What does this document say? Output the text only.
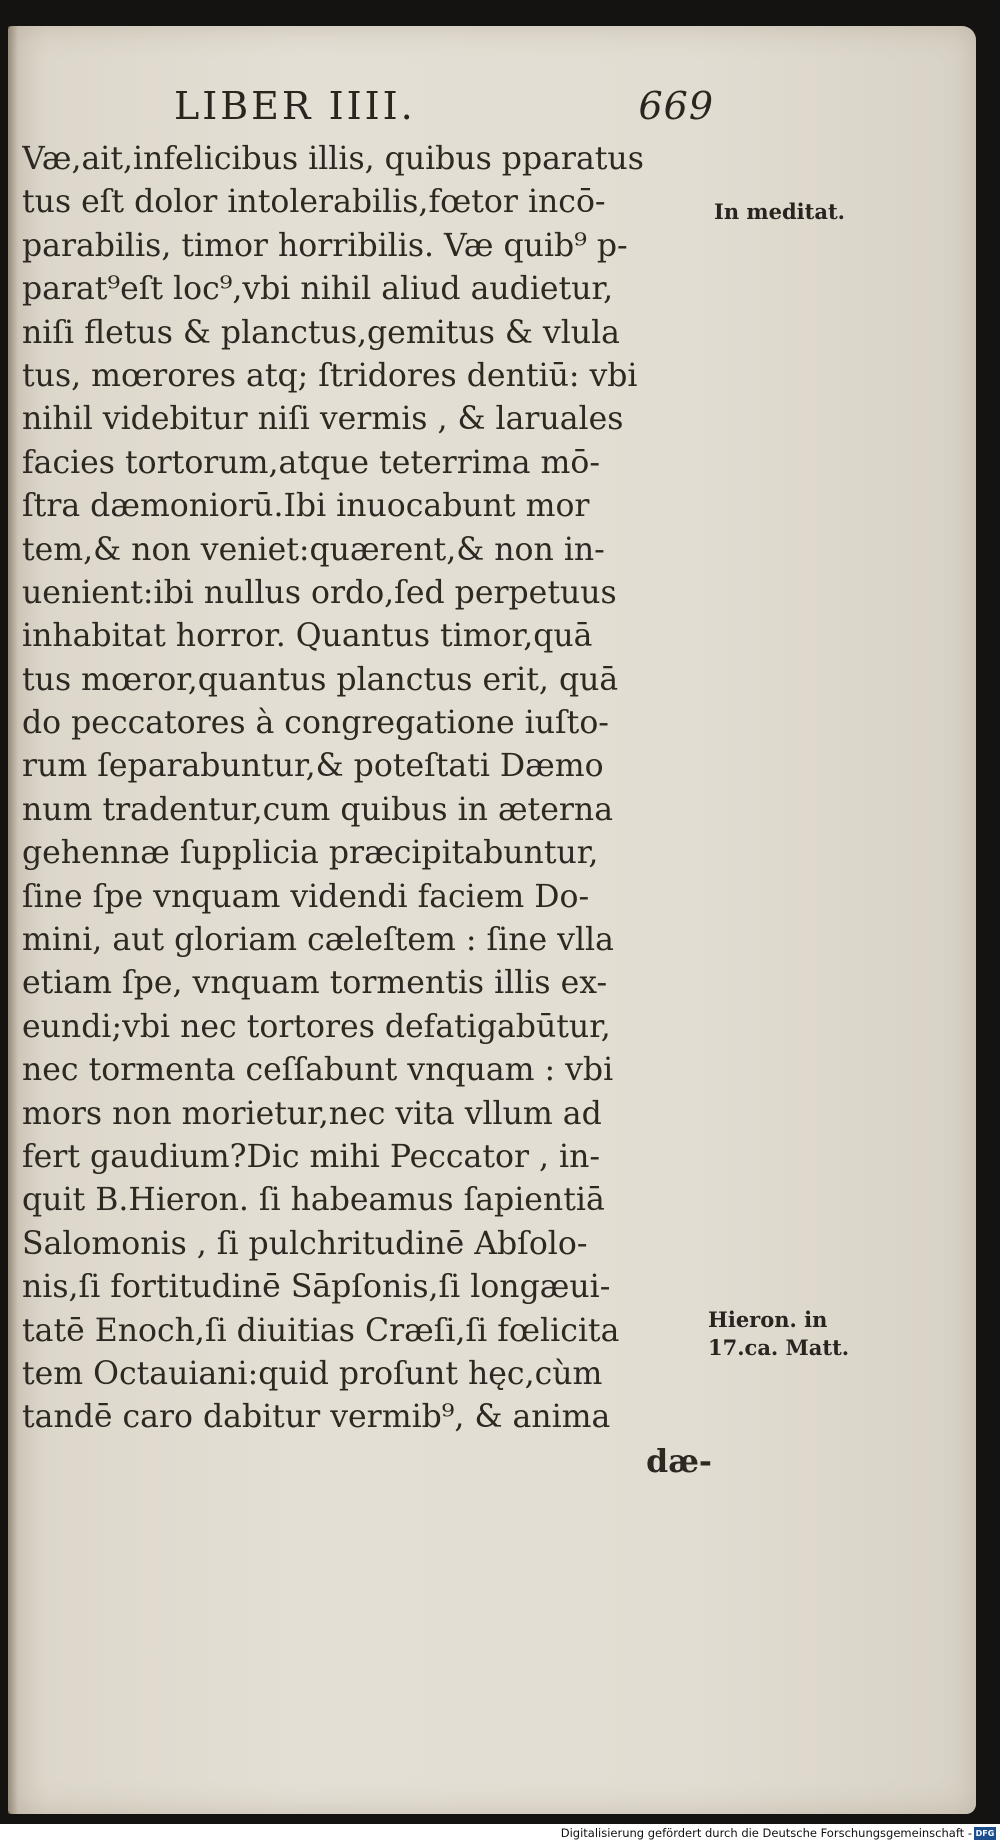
LIBER IIII.	669
Væ,ait,infelicibus illis, quibus pparatus
tus eſt dolor intolerabilis,fœtor incō-
parabilis, timor horribilis. Væ quib⁹ p-
parat⁹eſt loc⁹,vbi nihil aliud audietur,
niſi fletus & planctus,gemitus & vlula
tus, mœrores atq; ſtridores dentiū: vbi
nihil videbitur niſi vermis , & laruales
facies tortorum,atque teterrima mō-
ſtra dæmoniorū.Ibi inuocabunt mor
tem,& non veniet:quærent,& non in-
uenient:ibi nullus ordo,ſed perpetuus
inhabitat horror. Quantus timor,quā
tus mœror,quantus planctus erit, quā
do peccatores à congregatione iuſto-
rum ſeparabuntur,& poteſtati Dæmo
num tradentur,cum quibus in æterna
gehennæ ſupplicia præcipitabuntur,
ſine ſpe vnquam videndi faciem Do-
mini, aut gloriam cæleſtem : ſine vlla
etiam ſpe, vnquam tormentis illis ex-
eundi;vbi nec tortores defatigabūtur,
nec tormenta ceſſabunt vnquam : vbi
mors non morietur,nec vita vllum ad
fert gaudium?Dic mihi Peccator , in-
quit B.Hieron. ſi habeamus ſapientiā
Salomonis , ſi pulchritudinē Abſolo-
nis,ſi fortitudinē Sāpſonis,ſi longæui-
tatē Enoch,ſi diuitias Cræſi,ſi fœlicita
tem Octauiani:quid proſunt hęc,cùm
tandē caro dabitur vermib⁹, & anima
dæ-
In meditat.
Hieron. in
17.ca. Matt.
Digitalisierung gefördert durch die Deutsche Forschungsgemeinschaft - DFG
